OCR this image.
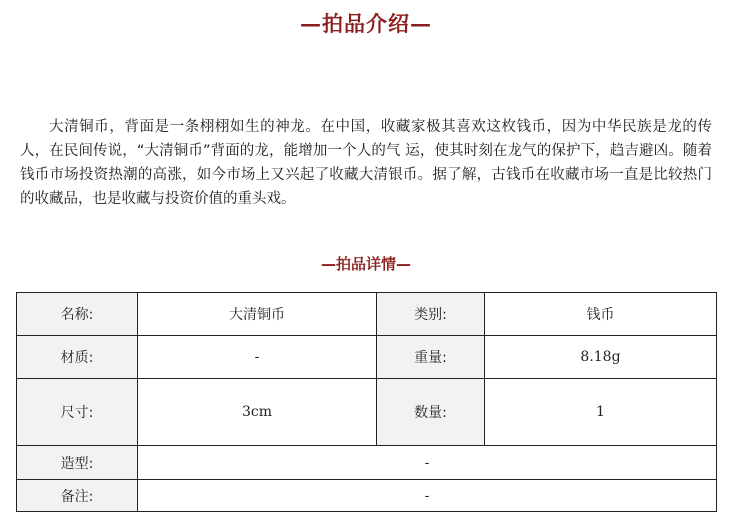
—拍品介绍—

大清铜币，背面是一条栩栩如生的神龙。在中国，收藏家极其喜欢这枚钱币，因为中华民族是龙的传人，在民间传说，“大清铜币”背面的龙，能增加一个人的气 运，使其时刻在龙气的保护下，趋吉避凶。随着钱币市场投资热潮的高涨，如今市场上又兴起了收藏大清银币。据了解，古钱币在收藏市场一直是比较热门的收藏品，也是收藏与投资价值的重头戏。

—拍品详情—
名称:	大清铜币	类别:	钱币
材质:	-	重量:	8.18g
尺寸:	3cm	数量:	1
造型:	-		
备注:	-		
